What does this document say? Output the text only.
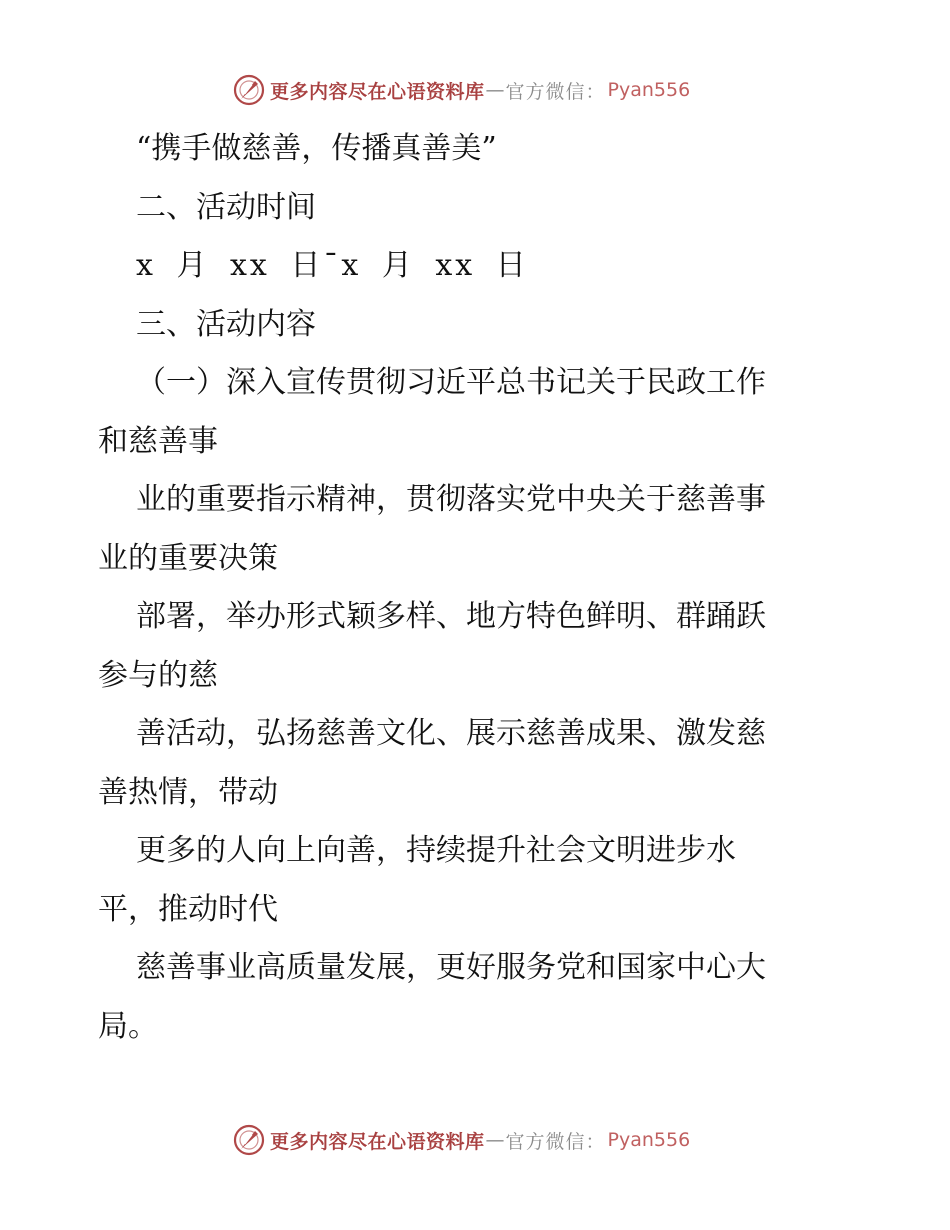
更多内容尽在心语资料库 — 官方微信： Pyan556
“携手做慈善，传播真善美”
二、活动时间
x 月 xx 日¯x 月 xx 日
三、活动内容
（一）深入宣传贯彻习近平总书记关于民政工作
和慈善事
业的重要指示精神，贯彻落实党中央关于慈善事
业的重要决策
部署，举办形式颖多样、地方特色鲜明、群踊跃
参与的慈
善活动，弘扬慈善文化、展示慈善成果、激发慈
善热情，带动
更多的人向上向善，持续提升社会文明进步水
平，推动时代
慈善事业高质量发展，更好服务党和国家中心大
局。
更多内容尽在心语资料库 — 官方微信： Pyan556
